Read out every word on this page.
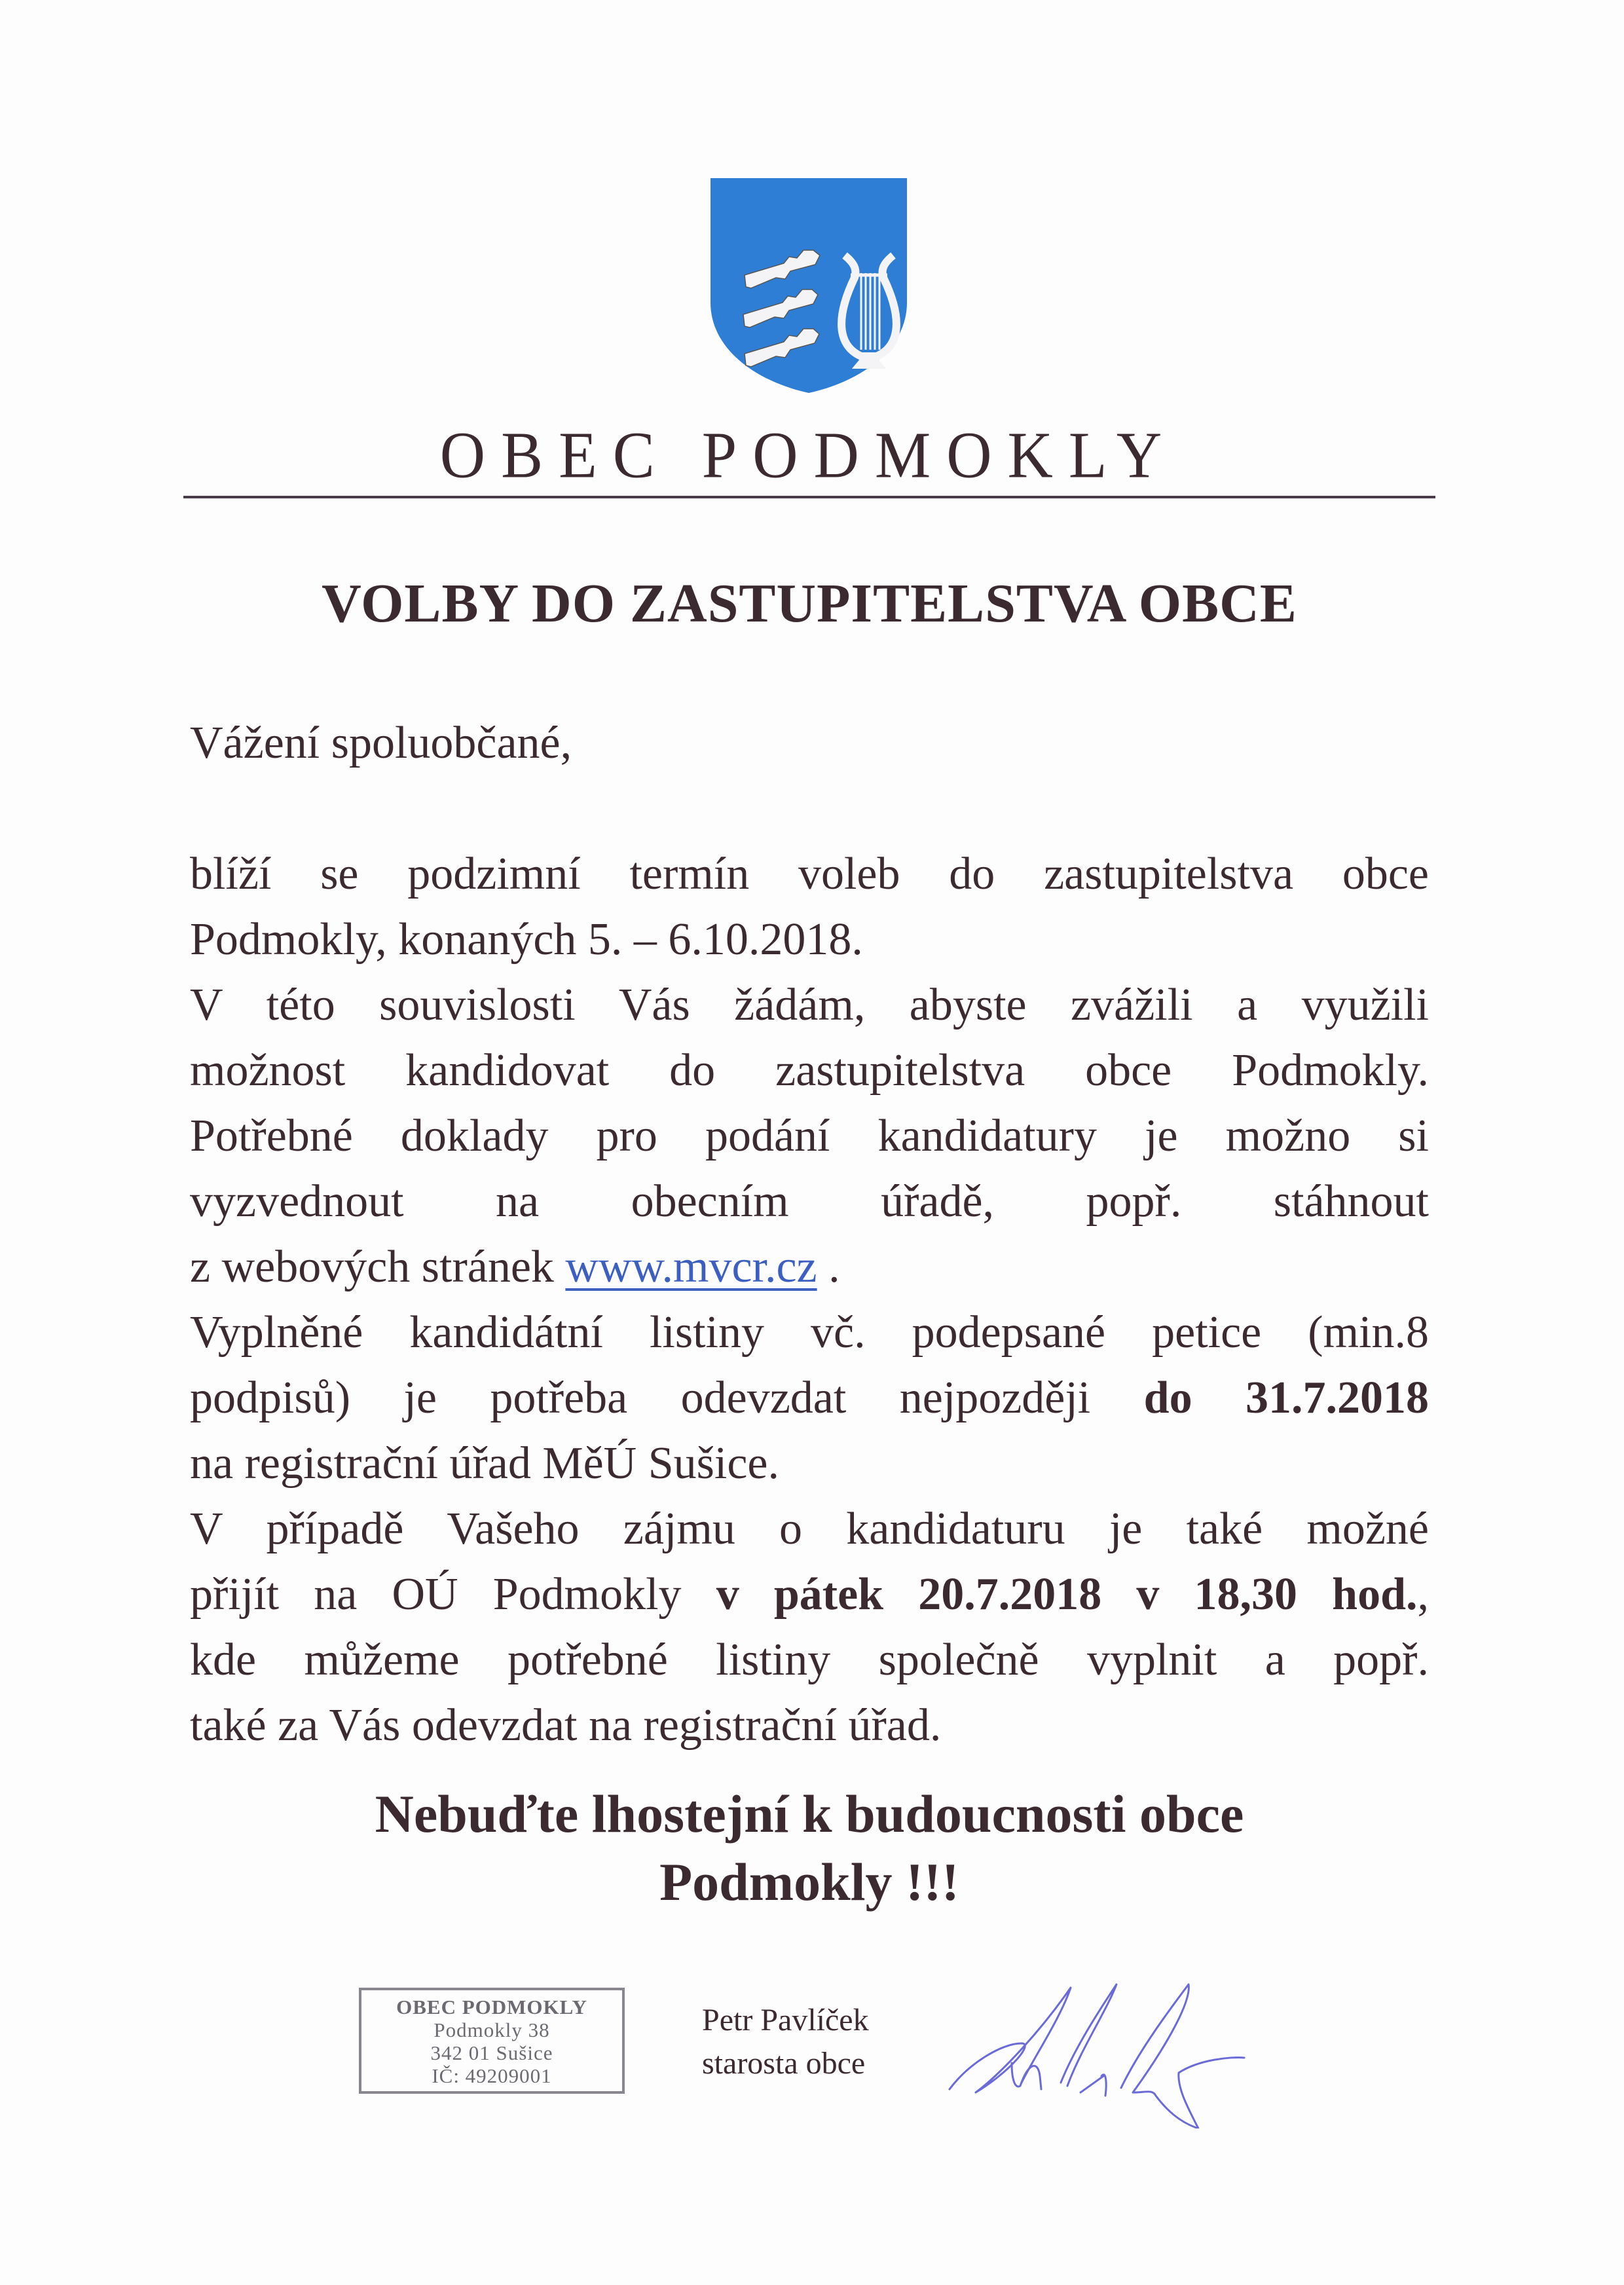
OBEC PODMOKLY
VOLBY DO ZASTUPITELSTVA OBCE

Vážení spoluobčané,

blíží se podzimní termín voleb do zastupitelstva obce
Podmokly, konaných 5. – 6.10.2018.
V této souvislosti Vás žádám, abyste zvážili a využili
možnost kandidovat do zastupitelstva obce Podmokly.
Potřebné doklady pro podání kandidatury je možno si
vyzvednout na obecním úřadě, popř. stáhnout
z webových stránek www.mvcr.cz .
Vyplněné kandidátní listiny vč. podepsané petice (min.8
podpisů) je potřeba odevzdat nejpozději do 31.7.2018
na registrační úřad MěÚ Sušice.
V případě Vašeho zájmu o kandidaturu je také možné
přijít na OÚ Podmokly v pátek 20.7.2018 v 18,30 hod.,
kde můžeme potřebné listiny společně vyplnit a popř.
také za Vás odevzdat na registrační úřad.
Nebuďte lhostejní k budoucnosti obce
Podmokly !!!
OBEC PODMOKLY
Podmokly 38
342 01 Sušice
IČ: 49209001
Petr Pavlíček
starosta obce
